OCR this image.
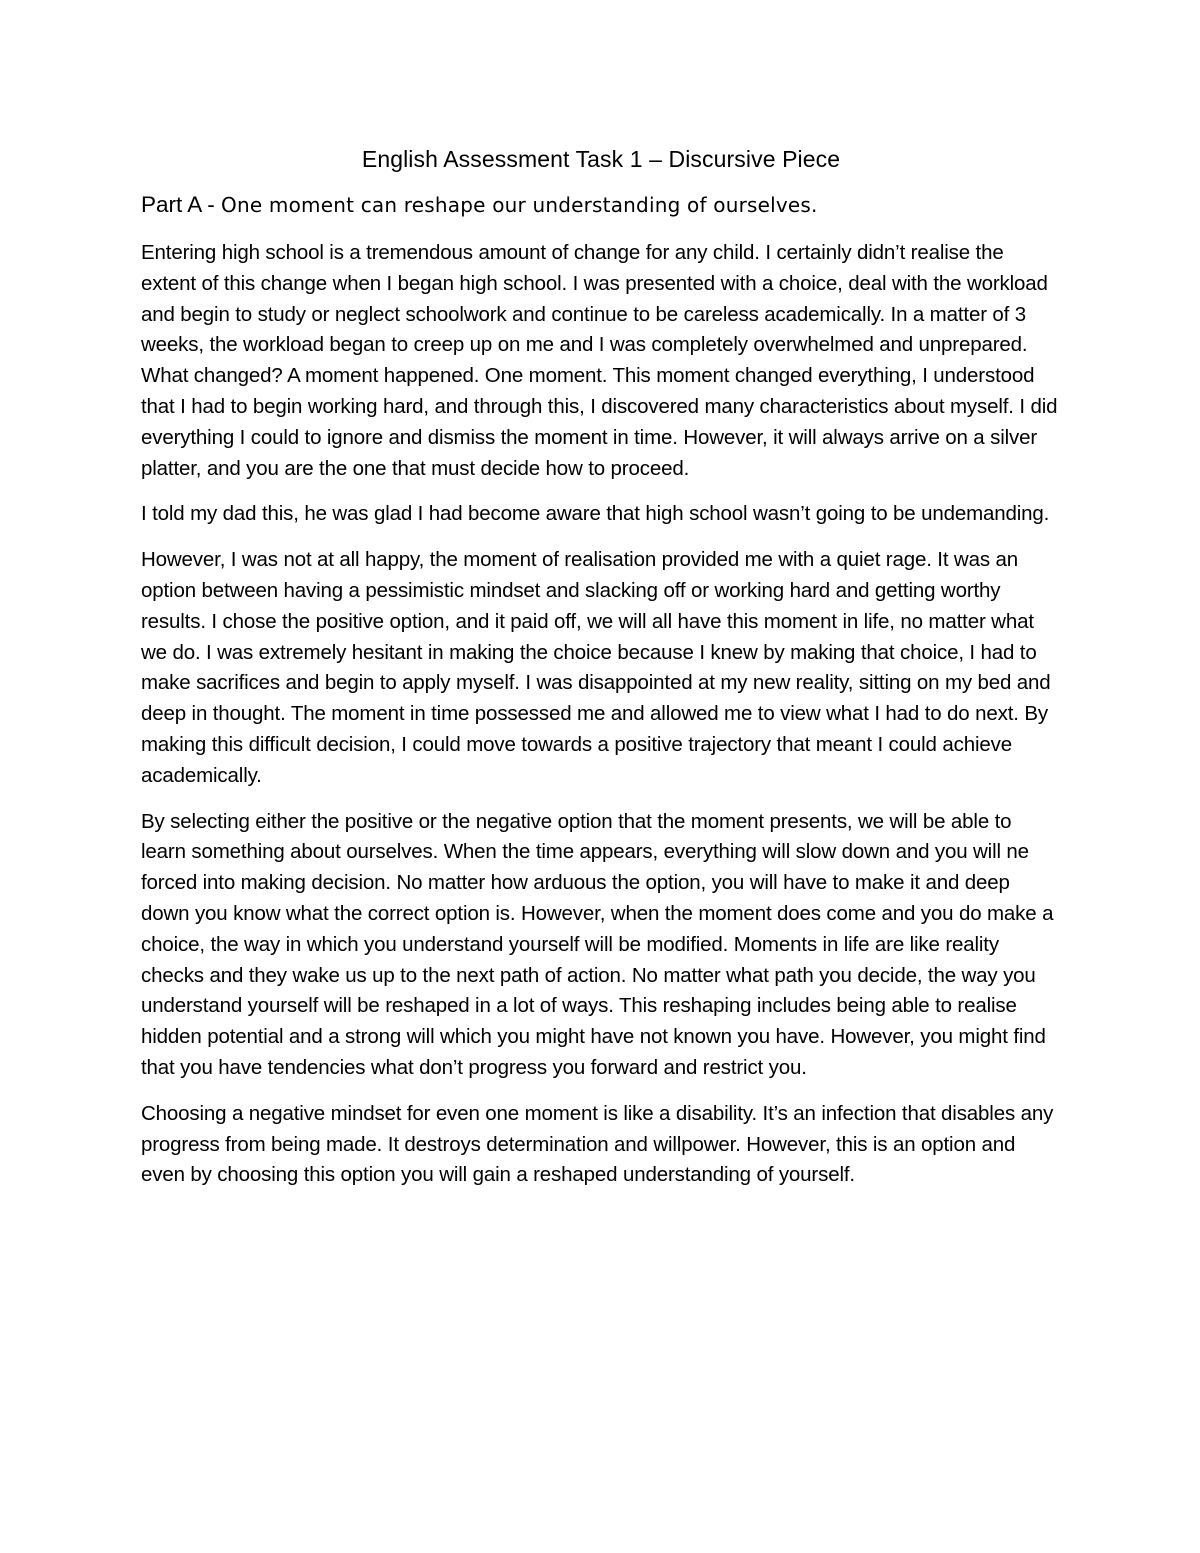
English Assessment Task 1 – Discursive Piece
Part A - One moment can reshape our understanding of ourselves.

Entering high school is a tremendous amount of change for any child. I certainly didn’t realise the extent of this change when I began high school. I was presented with a choice, deal with the workload and begin to study or neglect schoolwork and continue to be careless academically. In a matter of 3 weeks, the workload began to creep up on me and I was completely overwhelmed and unprepared. What changed? A moment happened. One moment. This moment changed everything, I understood that I had to begin working hard, and through this, I discovered many characteristics about myself. I did everything I could to ignore and dismiss the moment in time. However, it will always arrive on a silver platter, and you are the one that must decide how to proceed.

I told my dad this, he was glad I had become aware that high school wasn’t going to be undemanding.

However, I was not at all happy, the moment of realisation provided me with a quiet rage. It was an option between having a pessimistic mindset and slacking off or working hard and getting worthy results. I chose the positive option, and it paid off, we will all have this moment in life, no matter what we do. I was extremely hesitant in making the choice because I knew by making that choice, I had to make sacrifices and begin to apply myself. I was disappointed at my new reality, sitting on my bed and deep in thought. The moment in time possessed me and allowed me to view what I had to do next. By making this difficult decision, I could move towards a positive trajectory that meant I could achieve academically.

By selecting either the positive or the negative option that the moment presents, we will be able to learn something about ourselves. When the time appears, everything will slow down and you will ne forced into making decision. No matter how arduous the option, you will have to make it and deep down you know what the correct option is. However, when the moment does come and you do make a choice, the way in which you understand yourself will be modified. Moments in life are like reality checks and they wake us up to the next path of action. No matter what path you decide, the way you understand yourself will be reshaped in a lot of ways. This reshaping includes being able to realise hidden potential and a strong will which you might have not known you have. However, you might find that you have tendencies what don’t progress you forward and restrict you.

Choosing a negative mindset for even one moment is like a disability. It’s an infection that disables any progress from being made. It destroys determination and willpower. However, this is an option and even by choosing this option you will gain a reshaped understanding of yourself.
